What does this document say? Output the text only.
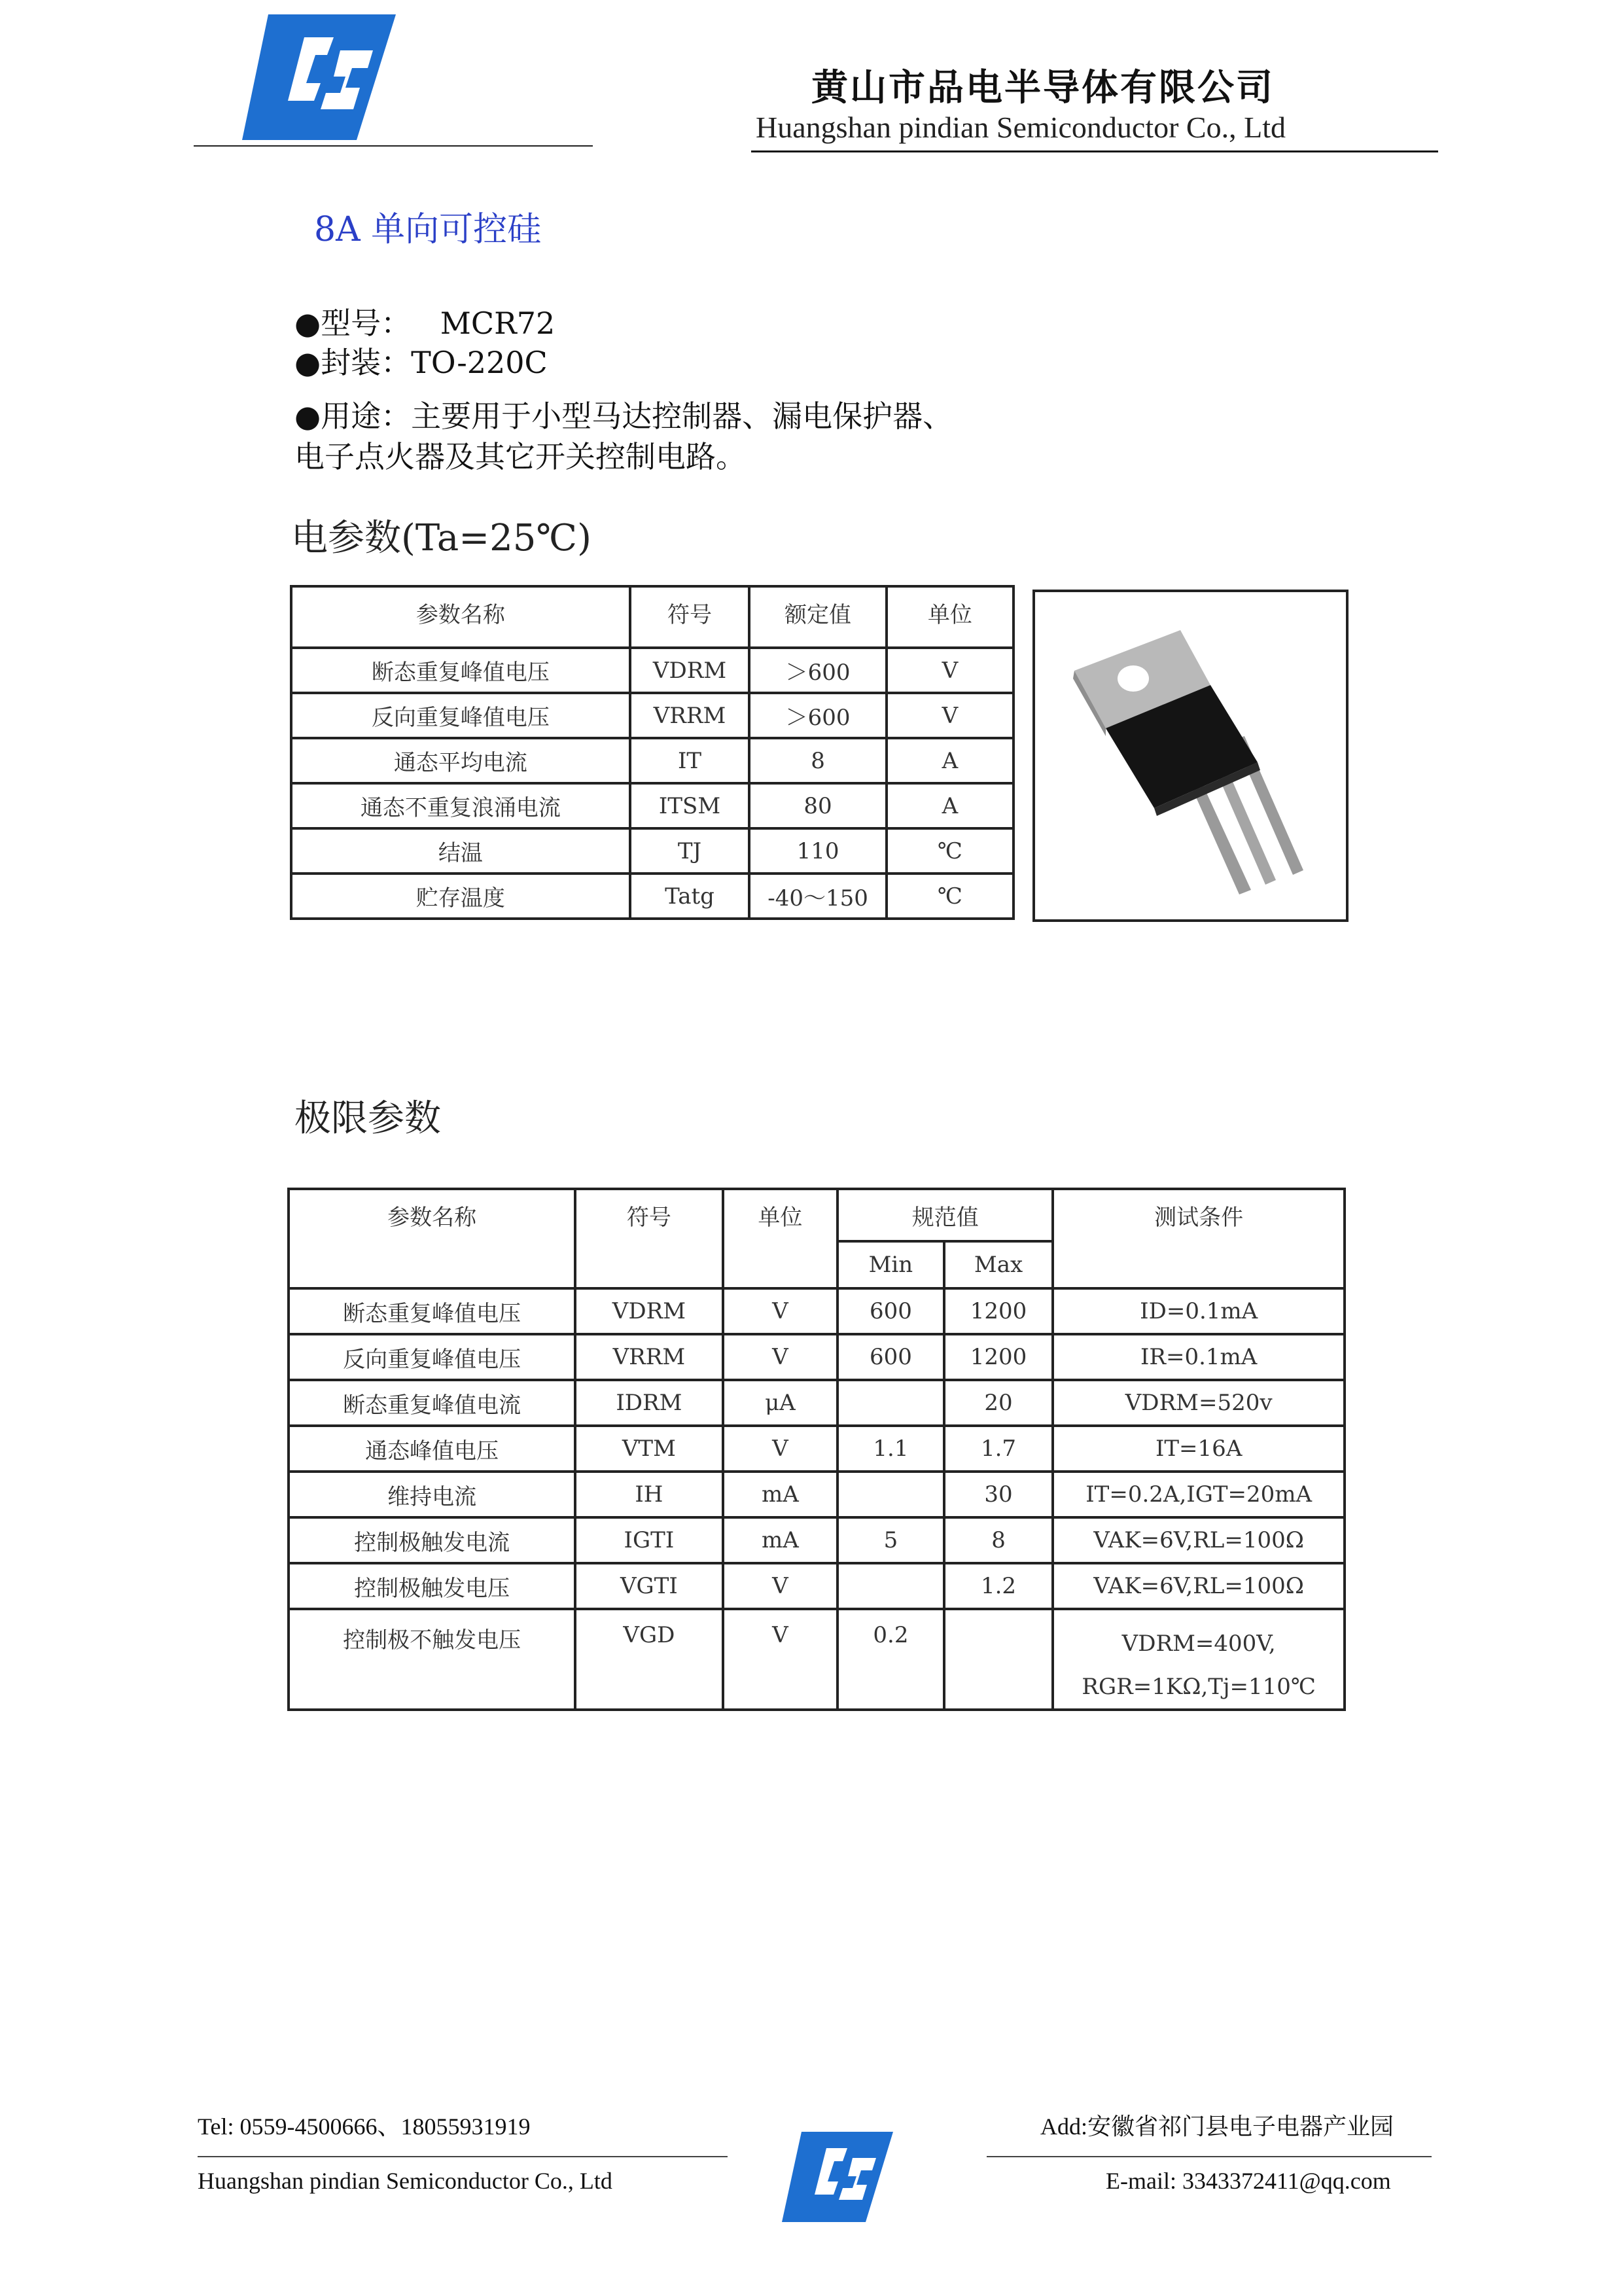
黄山市品电半导体有限公司
Huangshan pindian Semiconductor Co., Ltd
8A 单向可控硅
●型号： MCR72
●封装：TO-220C
●用途：主要用于小型马达控制器、漏电保护器、
电子点火器及其它开关控制电路。
电参数(Ta=25℃)
参数名称	符号	额定值	单位
断态重复峰值电压	VDRM	＞600	V
反向重复峰值电压	VRRM	＞600	V
通态平均电流	IT	8	A
通态不重复浪涌电流	ITSM	80	A
结温	TJ	110	℃
贮存温度	Tatg	-40～150	℃
极限参数
参数名称	符号	单位	规范值		测试条件
			Min	Max	
断态重复峰值电压	VDRM	V	600	1200	ID=0.1mA
反向重复峰值电压	VRRM	V	600	1200	IR=0.1mA
断态重复峰值电流	IDRM	μA		20	VDRM=520v
通态峰值电压	VTM	V	1.1	1.7	IT=16A
维持电流	IH	mA		30	IT=0.2A,IGT=20mA
控制极触发电流	IGTI	mA	5	8	VAK=6V,RL=100Ω
控制极触发电压	VGTI	V		1.2	VAK=6V,RL=100Ω
控制极不触发电压	VGD	V	0.2		VDRM=400V,
RGR=1KΩ,Tj=110℃
Tel: 0559-4500666、18055931919
Huangshan pindian Semiconductor Co., Ltd
Add:安徽省祁门县电子电器产业园
E-mail: 3343372411@qq.com
